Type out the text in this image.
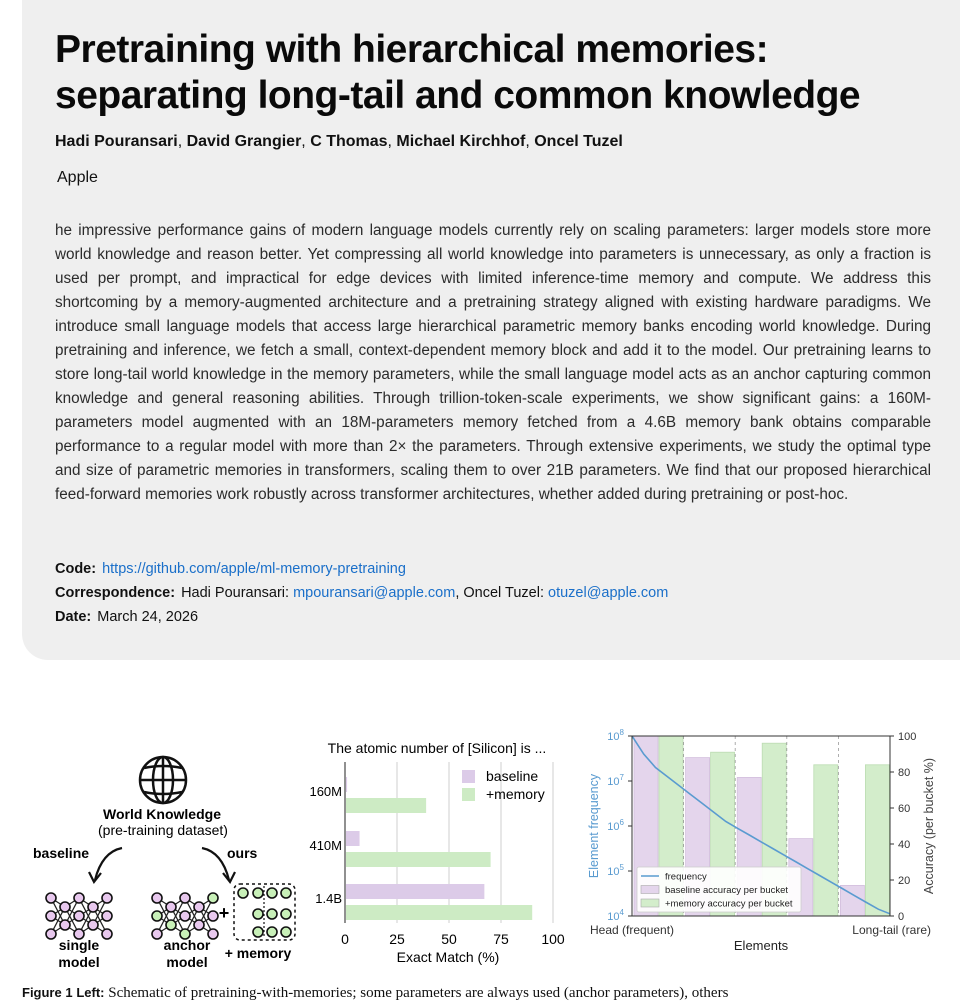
Pretraining with hierarchical memories: separating long-tail and common knowledge
Hadi Pouransari, David Grangier, C Thomas, Michael Kirchhof, Oncel Tuzel
Apple

he impressive performance gains of modern language models currently rely on scaling parameters: larger models store more world knowledge and reason better. Yet compressing all world knowledge into parameters is unnecessary, as only a fraction is used per prompt, and impractical for edge devices with limited inference-time memory and compute. We address this shortcoming by a memory-augmented architecture and a pretraining strategy aligned with existing hardware paradigms. We introduce small language models that access large hierarchical parametric memory banks encoding world knowledge. During pretraining and inference, we fetch a small, context-dependent memory block and add it to the model. Our pretraining learns to store long-tail world knowledge in the memory parameters, while the small language model acts as an anchor capturing common knowledge and general reasoning abilities. Through trillion-token-scale experiments, we show significant gains: a 160M-parameters model augmented with an 18M-parameters memory fetched from a 4.6B memory bank obtains comparable performance to a regular model with more than 2× the parameters. Through extensive experiments, we study the optimal type and size of parametric memories in transformers, scaling them to over 21B parameters. We find that our proposed hierarchical feed-forward memories work robustly across transformer architectures, whether added during pretraining or post-hoc.

Code: https://github.com/apple/ml-memory-pretraining
Correspondence: Hadi Pouransari: mpouransari@apple.com, Oncel Tuzel: otuzel@apple.com
Date: March 24, 2026
World Knowledge
(pre-training dataset)
baseline	ours
+
single
model
anchor
model
+ memory
The atomic number of [Silicon] is ...
160M
410M
1.4B
0	25	50	75 100
baseline
+memory
Exact Match (%)
$10^4$
$10^5$
$10^6$
$10^7$
$10^8$
0
20
40
60
80
100
Element frequency	Accuracy (per bucket %)
Head (frequent)	Long-tail (rare)
Elements
frequency
baseline accuracy per bucket
+memory accuracy per bucket
Figure 1 Left: Schematic of pretraining-with-memories; some parameters are always used (anchor parameters), others
